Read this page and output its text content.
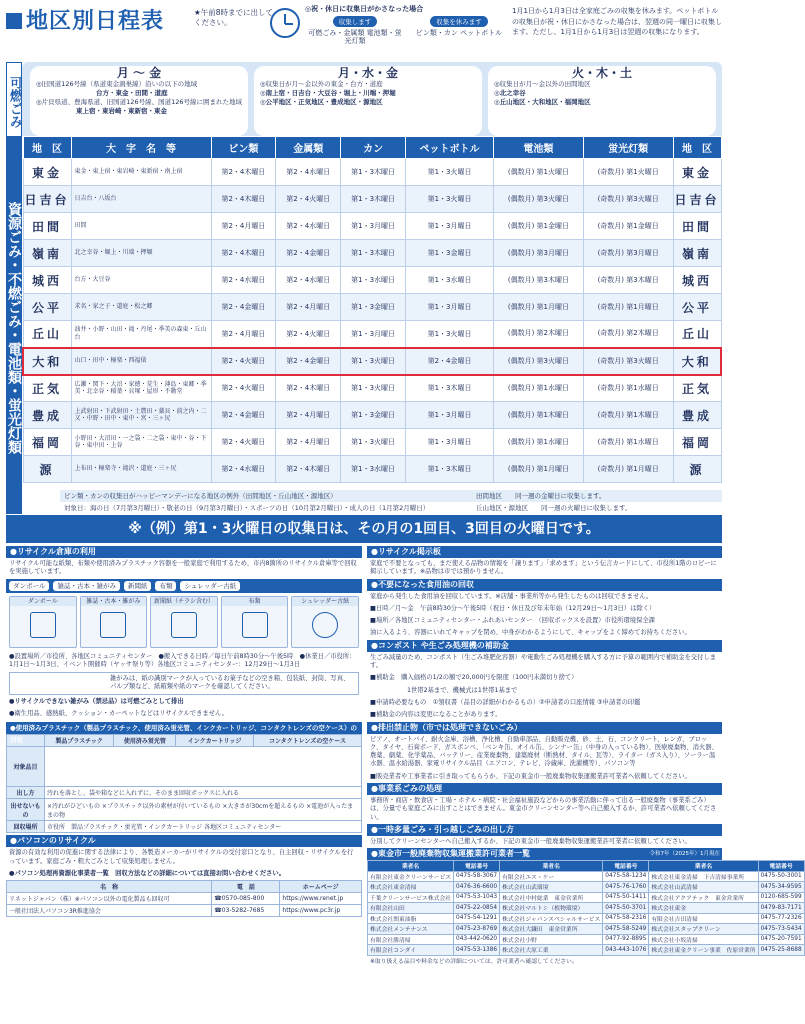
地区別日程表	★午前8時までに出してください。
◎祝・休日に収集日がかさなった場合
収集します
可燃ごみ・金属類 電池類・蛍光灯類
収集を休みます
ビン類・カン ペットボトル
1月1日から1月3日は全家庭ごみの収集を休みます。ペットボトルの収集日が祝・休日にかさなった場合は、翌週の同一曜日に収集します。ただし、1月1日から1月3日は翌週の収集になります。
可燃ごみ
月 〜 金
◎旧国道126号線（県道東金鴻巣線）沿いの以下の地域
台方・東金・田間・道庭
◎片貝県道、豊海県道、旧国道126号線、国道126号線に囲まれた地域
東上宿・東岩崎・東新宿・東金
月・水・金
◎収集日が月〜金以外の東金・台方・道庭
◎南上宿・日吉台・大豆谷・堀上・川端・押堀
◎公平地区・正気地区・豊成地区・源地区
火・木・土
◎収集日が月〜金以外の田間地区
◎北之幸谷
◎丘山地区・大和地区・福岡地区
資源ごみ・不燃ごみ・電池類・蛍光灯類
地　区	大　字　名　等	ビン類	金属類	カン	ペットボトル	電池類	蛍光灯類	地　区
東金	東金・東上宿・東岩崎・東新宿・南上宿	第2・4木曜日	第2・4水曜日	第1・3木曜日	第1・3火曜日	(偶数月) 第1火曜日	(奇数月) 第1火曜日	東金
日吉台	日吉台・八坂台	第2・4木曜日	第2・4火曜日	第1・3木曜日	第1・3火曜日	(偶数月) 第3火曜日	(奇数月) 第3火曜日	日吉台
田間	田間	第2・4月曜日	第2・4水曜日	第1・3月曜日	第1・3月曜日	(偶数月) 第1金曜日	(奇数月) 第1金曜日	田間
嶺南	北之幸谷・堀上・川端・押堀	第2・4木曜日	第2・4金曜日	第1・3木曜日	第1・3金曜日	(偶数月) 第3月曜日	(奇数月) 第3月曜日	嶺南
城西	台方・大豆谷	第2・4水曜日	第2・4水曜日	第1・3水曜日	第1・3水曜日	(偶数月) 第3木曜日	(奇数月) 第3木曜日	城西
公平	求名・家之子・道庭・松之郷	第2・4金曜日	第2・4月曜日	第1・3金曜日	第1・3月曜日	(偶数月) 第1月曜日	(奇数月) 第1月曜日	公平
丘山	油井・小野・山田・滝・丹尾・季美の森東・丘山台	第2・4月曜日	第2・4火曜日	第1・3月曜日	第1・3火曜日	(偶数月) 第2木曜日	(奇数月) 第2木曜日	丘山
大和	山口・田中・極楽・西福俵	第2・4火曜日	第2・4金曜日	第1・3火曜日	第2・4金曜日	(偶数月) 第3火曜日	(奇数月) 第3火曜日	大和
正気	広瀬・関下・大沼・家徳・荒生・薄島・東郷・季美・北幸谷・稲葉・貝塚・屋形・不動堂	第2・4火曜日	第2・4木曜日	第1・3火曜日	第1・3木曜日	(偶数月) 第1水曜日	(奇数月) 第1水曜日	正気
豊成	上武射田・下武射田・士農田・薬貝・前之内・二又・中野・田中・東中・宮・三ヶ尻	第2・4金曜日	第2・4月曜日	第1・3金曜日	第1・3月曜日	(偶数月) 第1木曜日	(奇数月) 第1木曜日	豊成
福岡	小野田・大沼田・一之袋・二之袋・東中・谷・下谷・東中田・上谷	第2・4火曜日	第2・4月曜日	第1・3火曜日	第1・3月曜日	(偶数月) 第1水曜日	(奇数月) 第1水曜日	福岡
源	上布田・極楽寺・滝沢・道庭・三ヶ尻	第2・4水曜日	第2・4木曜日	第1・3水曜日	第1・3木曜日	(偶数月) 第1月曜日	(奇数月) 第1月曜日	源
ビン類・カンの収集日がハッピーマンデーになる地区の例外（田間地区・丘山地区・源地区）
対象日：海の日（7月第3月曜日）・敬老の日（9月第3月曜日）・スポーツの日（10月第2月曜日）・成人の日（1月第2月曜日）
田間地区　　同一週の金曜日に収集します。
丘山地区・源地区　　同一週の火曜日に収集します。
※（例）第1・3火曜日の収集日は、その月の1回目、3回目の火曜日です。
●リサイクル倉庫の利用
リサイクル可能な紙類、布類や使用済みプラスチック容器を一般家庭で利用するため、市内8箇所のリサイクル倉庫等で回収を実施しています。
ダンボール	雑誌・古本・雑がみ	新聞紙	布類	シュレッダー古紙
ダンボール	雑誌・古本・雑がみ	新聞紙（チラシ含む）	布類	シュレッダー古紙
●設置場所／市役所、各地区コミュニティセンター　●搬入できる日時／毎日午前8時30分〜午後5時　●休業日／市役所：1月1日〜1月3日、イベント開催時（ヤッサ祭り等）各地区コミュニティセンター：12月29日〜1月3日
雑がみは、紙の識別マークが入っているお菓子などの空き箱、包装紙、封筒、写真、パルプ類など、紙箱類や紙のマークを確認してください。
●リサイクルできない雑がみ（禁忌品）は可燃ごみとして排出
●衛生用品、感熱紙、クッション・カーペットなどはリサイクルできません。
●使用済みプラスチック（製品プラスチック、使用済み蛍光管、インクカートリッジ、コンタクトレンズの空ケース）の回収
		製品プラスチック	使用済み蛍光管	インクカートリッジ	コンタクトレンズの空ケース
対象品目				
出し方	汚れを落とし、袋や箱などに入れずに、そのまま回収ボックスに入れる			
出せないもの	×汚れがひどいもの ×プラスチック以外の素材が付いているもの ×大きさが30cmを超えるもの ×電池が入ったままの物			
回収場所	市役所　製品プラスチック・蛍光管・インクカートリッジ 各地区コミュニティセンター			
●パソコンのリサイクル
資源の有効な利用の促進に関する法律により、各製造メーカーがリサイクルの受付窓口となり、自主回収・リサイクルを行っています。家庭ごみ・粗大ごみとして収集処理しません。
●パソコン処理再資源化事業者一覧　回収方法などの詳細については直接お問い合わせください。
名　称	電　話	ホームページ
リネットジャパン（株）※パソコン以外の電化製品も回収可	☎0570-085-800	https://www.renet.jp
一般社団法人パソコン3R推進協会	☎03-5282-7685	https://www.pc3r.jp
●リサイクル掲示板
家庭で不要となっても、まだ使える品物の情報を「譲ります」「求めます」という伝言カードにして、市役所1階のロビーに掲示しています。※品物は市では預かりません。
●不要になった食用油の回収
家庭から発生した食用油を回収しています。※店舗・事業所等から発生したものは回収できません。
■日時／月〜金　午前8時30分〜午後5時（祝日・休日及び年末年始（12月29日〜1月3日）は除く）
■場所／各地区コミュニティセンター・ふれあいセンター　（回収ボックスを設置）市役所環境保全課
油に入るよう、容器にいれてキャップを閉め、中身がわかるようにして、キャップをよく締めてお持ちください。
●コンポスト や生ごみ処理機の補助金
生ごみ減量のため、コンポスト（生ごみ堆肥化容器）や電動生ごみ処理機を購入する方に予算の範囲内で補助金を交付します。
■補助金　購入価格の1/2の額で20,000円を限度（100円未満切り捨て）
1世帯2基まで、機械式は1世帯1基まで
■申請時必要なもの　①領収書（品目の詳細がわかるもの）②申請者の口座情報 ③申請者の印鑑
■補助金の内容は変更になることがあります。
●排出禁止物（市では処理できないごみ）
ピアノ、オートバイ、耐火金庫、浴槽、浄化槽、自動車部品、自動販売機、砂、土、石、コンクリート、レンガ、ブロック、タイヤ、石膏ボード、ガスボンベ、「ベンキ缶、オイル缶、シンナー缶」（中身の入っている物）、医療廃棄物、消火器、農薬、劇薬、化学薬品、バッテリー、産業廃棄物、建築廃材（断熱材、タイル、瓦等）、ライター（ガス入り）、ソーラー温水器、温水給湯器、家電リサイクル品目（エアコン、テレビ、冷蔵庫、洗濯機等）、パソコン等
■販売業者や工事業者に引き取ってもらうか、下記の東金市一般廃棄物収集運搬業許可業者へ依頼してください。
●事業系ごみの処理
事務所・商店・飲食店・工場・ホテル・病院・社会福祉施設などからの事業活動に伴って出る一般廃棄物（事業系ごみ）は、分量でも家庭ごみに出すことはできません。東金市クリーンセンター等へ自己搬入するか、許可業者へ依頼してください。
●一時多量ごみ・引っ越しごみの出し方
分別してクリーンセンターへ自己搬入するか、下記の東金市一般廃棄物収集運搬業許可業者に依頼してください。
●東金市一般廃棄物収集運搬業許可業者一覧	令和7年（2025年）1月現在
業者名	電話番号	業者名	電話番号	業者名	電話番号
有限会社東金クリーンサービス	0475-58-3067	有限会社エス・ケー	0475-58-1234	株式会社東金清掃　下吉清掃事業所	0475-50-3001
株式会社東金清掃	0476-36-6600	株式会社山武環境	0475-76-1760	株式会社山武清掃	0475-34-9595
千葉クリーンサービス株式会社	0475-53-1043	株式会社中村総業　東金営業所	0475-50-1411	株式会社アクアテック　東金営業所	0120-685-599
有限会社山田	0475-22-0854	株式会社マルトシ（植物環境）	0475-50-3701	株式会社東金	0479-83-7171
株式会社関東油脂	0475-54-1291	株式会社ジャパンスペシャルサービス	0475-58-2316	有限会社吉田清掃	0475-77-2326
株式会社メンテナンス	0475-23-8769	株式会社大鎌田　東金営業所	0475-58-5249	株式会社スタップクリーン	0475-73-5434
有限会社勝清掃	043-442-0620	株式会社小野	0477-92-8895	株式会社小坂清掃	0475-20-7591
有限会社コンダイ	0475-53-1386	株式会社大原工業	043-443-1076	株式会社東金クリーン事業　佐原営業所	0475-25-8688
※取り扱える品目や料金などの詳細については、許可業者へ確認してください。
